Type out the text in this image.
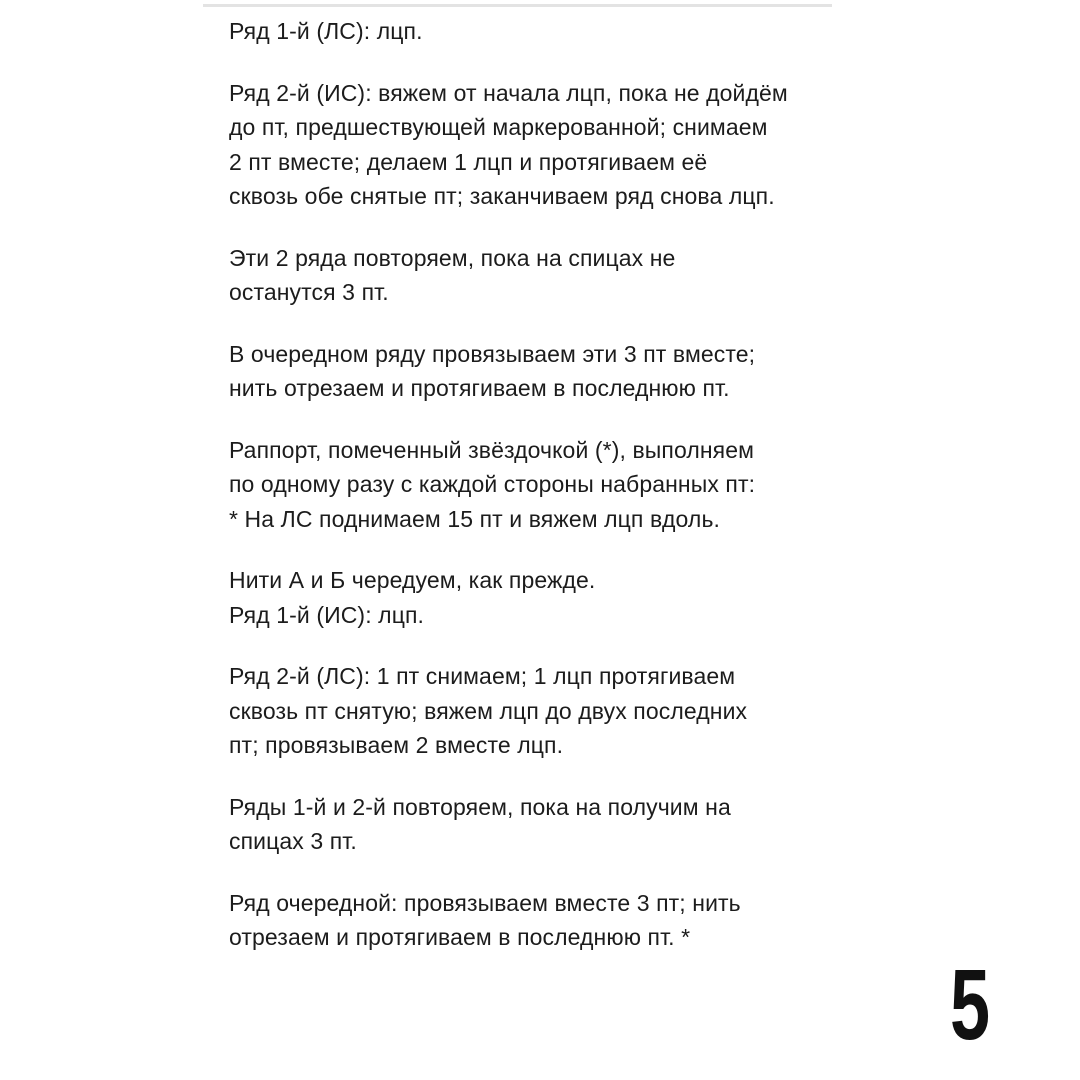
Ряд 1-й (ЛС): лцп.

Ряд 2-й (ИС): вяжем от начала лцп, пока не дойдём
до пт, предшествующей маркерованной; снимаем
2 пт вместе; делаем 1 лцп и протягиваем её
сквозь обе снятые пт; заканчиваем ряд снова лцп.

Эти 2 ряда повторяем, пока на спицах не
останутся 3 пт.

В очередном ряду провязываем эти 3 пт вместе;
нить отрезаем и протягиваем в последнюю пт.

Раппорт, помеченный звёздочкой (*), выполняем
по одному разу с каждой стороны набранных пт:
* На ЛС поднимаем 15 пт и вяжем лцп вдоль.

Нити А и Б чередуем, как прежде.
Ряд 1-й (ИС): лцп.

Ряд 2-й (ЛС): 1 пт снимаем; 1 лцп протягиваем
сквозь пт снятую; вяжем лцп до двух последних
пт; провязываем 2 вместе лцп.

Ряды 1-й и 2-й повторяем, пока на получим на
спицах 3 пт.

Ряд очередной: провязываем вместе 3 пт; нить
отрезаем и протягиваем в последнюю пт. *

5
